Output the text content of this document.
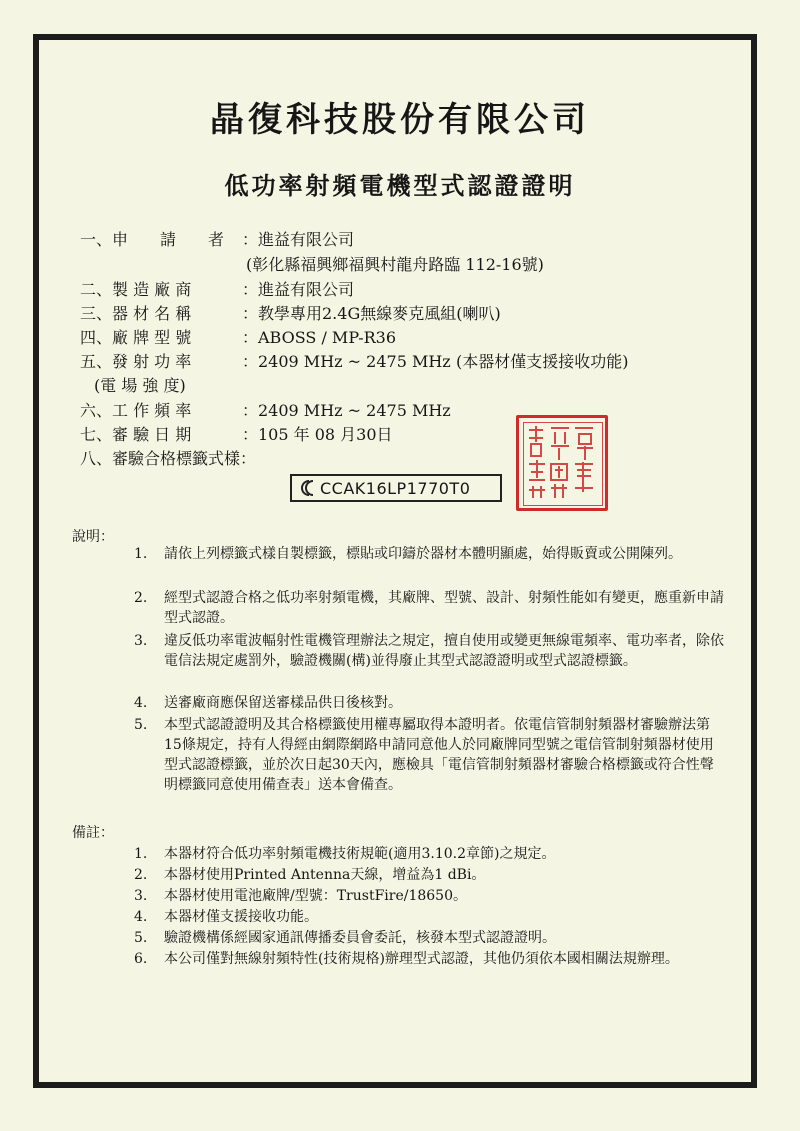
晶復科技股份有限公司
低功率射頻電機型式認證證明
一、申 請 者 ： 進益有限公司
(彰化縣福興鄉福興村龍舟路臨 112-16號)
二、製 造 廠 商	： 進益有限公司
三、器 材 名 稱	： 教學專用2.4G無線麥克風組(喇叭)
四、廠 牌 型 號	： ABOSS / MP-R36
五、發 射 功 率	： 2409 MHz ~ 2475 MHz (本器材僅支援接收功能)
(電 場 強 度)
六、工 作 頻 率	： 2409 MHz ~ 2475 MHz
七、審 驗 日 期	： 105 年 08 月30日
八、審驗合格標籤式樣：
CCAK16LP1770T0
說明：
1. 請依上列標籤式樣自製標籤，標貼或印鑄於器材本體明顯處，始得販賣或公開陳列。
2. 經型式認證合格之低功率射頻電機，其廠牌、型號、設計、射頻性能如有變更，應重新申請型式認證。
3. 違反低功率電波輻射性電機管理辦法之規定，擅自使用或變更無線電頻率、電功率者，除依電信法規定處罰外，驗證機關(構)並得廢止其型式認證證明或型式認證標籤。
4. 送審廠商應保留送審樣品供日後核對。
5. 本型式認證證明及其合格標籤使用權專屬取得本證明者。依電信管制射頻器材審驗辦法第15條規定，持有人得經由網際網路申請同意他人於同廠牌同型號之電信管制射頻器材使用型式認證標籤，並於次日起30天內，應檢具「電信管制射頻器材審驗合格標籤或符合性聲明標籤同意使用備查表」送本會備查。
備註：
1. 本器材符合低功率射頻電機技術規範(適用3.10.2章節)之規定。
2. 本器材使用Printed Antenna天線，增益為1 dBi。
3. 本器材使用電池廠牌/型號：TrustFire/18650。
4. 本器材僅支援接收功能。
5. 驗證機構係經國家通訊傳播委員會委託，核發本型式認證證明。
6. 本公司僅對無線射頻特性(技術規格)辦理型式認證，其他仍須依本國相關法規辦理。
